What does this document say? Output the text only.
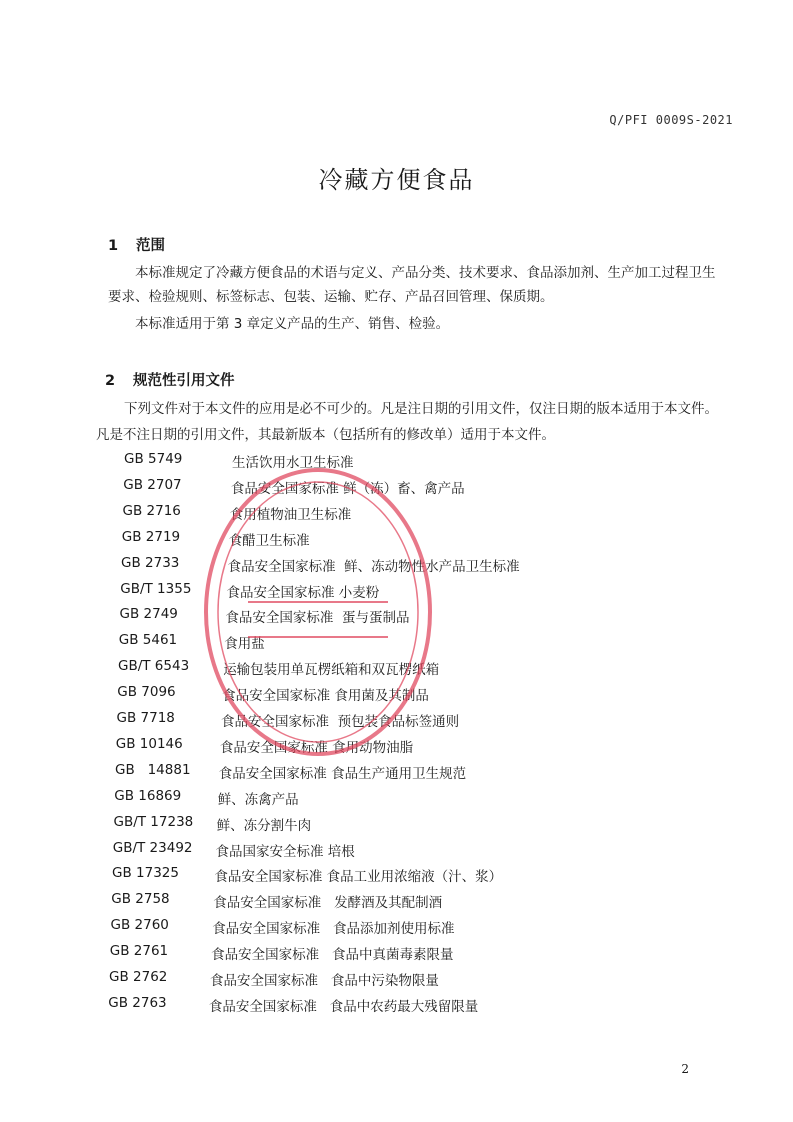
Q/PFI 0009S-2021
冷藏方便食品
1 范围
本标准规定了冷藏方便食品的术语与定义、产品分类、技术要求、食品添加剂、生产加工过程卫生
要求、检验规则、标签标志、包装、运输、贮存、产品召回管理、保质期。
本标准适用于第 3 章定义产品的生产、销售、检验。
2 规范性引用文件
下列文件对于本文件的应用是必不可少的。凡是注日期的引用文件，仅注日期的版本适用于本文件。
凡是不注日期的引用文件，其最新版本（包括所有的修改单）适用于本文件。
GB 5749	生活饮用水卫生标准
GB 2707	食品安全国家标准 鲜（冻）畜、禽产品
GB 2716	食用植物油卫生标准
GB 2719	食醋卫生标准
GB 2733	食品安全国家标准  鲜、冻动物性水产品卫生标准
GB/T 1355	食品安全国家标准 小麦粉
GB 2749	食品安全国家标准  蛋与蛋制品
GB 5461	食用盐
GB/T 6543	运输包装用单瓦楞纸箱和双瓦楞纸箱
GB 7096	食品安全国家标准 食用菌及其制品
GB 7718	食品安全国家标准  预包装食品标签通则
GB 10146	食品安全国家标准 食用动物油脂
GB   14881 食品安全国家标准 食品生产通用卫生规范
GB 16869	鲜、冻禽产品
GB/T 17238 鲜、冻分割牛肉
GB/T 23492 食品国家安全标准 培根
GB 17325	食品安全国家标准 食品工业用浓缩液（汁、浆）
GB 2758	食品安全国家标准   发酵酒及其配制酒
GB 2760	食品安全国家标准   食品添加剂使用标准
GB 2761	食品安全国家标准   食品中真菌毒素限量
GB 2762	食品安全国家标准   食品中污染物限量
GB 2763	食品安全国家标准   食品中农药最大残留限量
2
